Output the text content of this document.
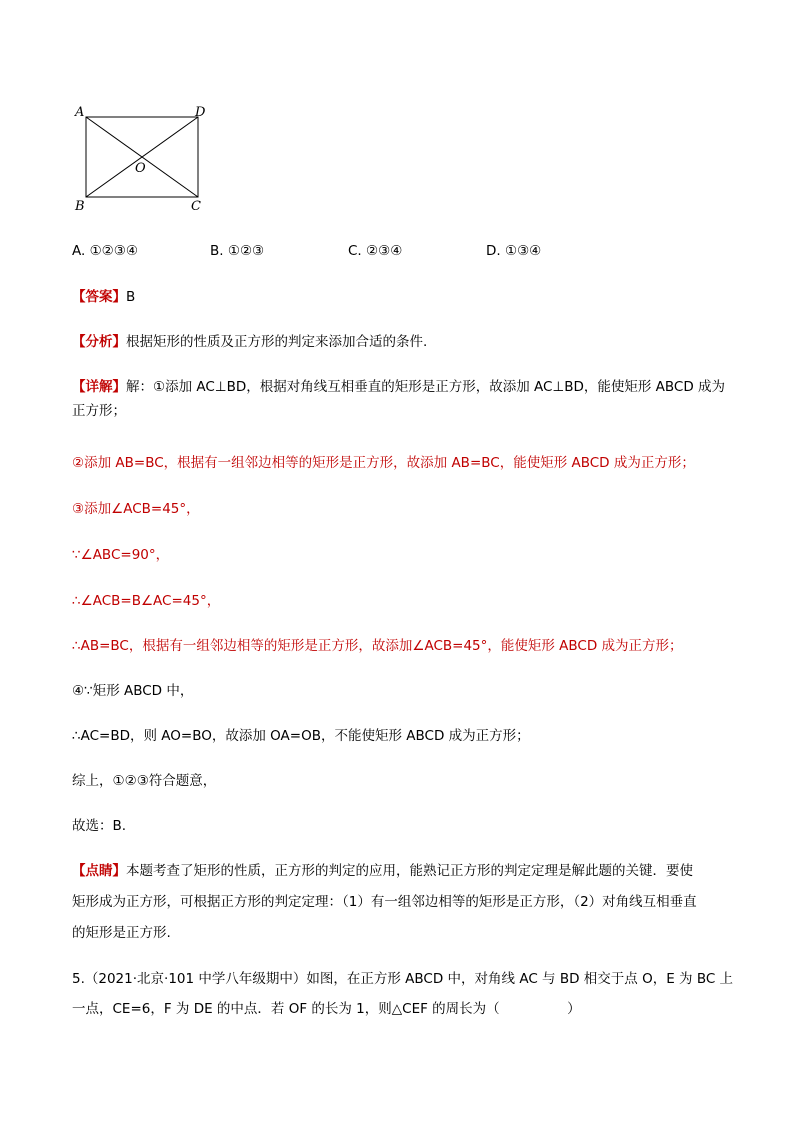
A	D
B	C
O
A. ①②③④	B. ①②③	C. ②③④	D. ①③④
【答案】B
【分析】根据矩形的性质及正方形的判定来添加合适的条件.
【详解】解：①添加 AC⊥BD，根据对角线互相垂直的矩形是正方形，故添加 AC⊥BD，能使矩形 ABCD 成为
正方形；
②添加 AB=BC，根据有一组邻边相等的矩形是正方形，故添加 AB=BC，能使矩形 ABCD 成为正方形；
③添加∠ACB=45°，
∵∠ABC=90°，
∴∠ACB=B∠AC=45°，
∴AB=BC，根据有一组邻边相等的矩形是正方形，故添加∠ACB=45°，能使矩形 ABCD 成为正方形；
④∵矩形 ABCD 中，
∴AC=BD，则 AO=BO，故添加 OA=OB，不能使矩形 ABCD 成为正方形；
综上，①②③符合题意，
故选：B.
【点睛】本题考查了矩形的性质，正方形的判定的应用，能熟记正方形的判定定理是解此题的关键．要使
矩形成为正方形，可根据正方形的判定定理：（1）有一组邻边相等的矩形是正方形，（2）对角线互相垂直
的矩形是正方形.
5.（2021·北京·101 中学八年级期中）如图，在正方形 ABCD 中，对角线 AC 与 BD 相交于点 O，E 为 BC 上
一点，CE=6，F 为 DE 的中点．若 OF 的长为 1，则△CEF 的周长为（　　　　　）
